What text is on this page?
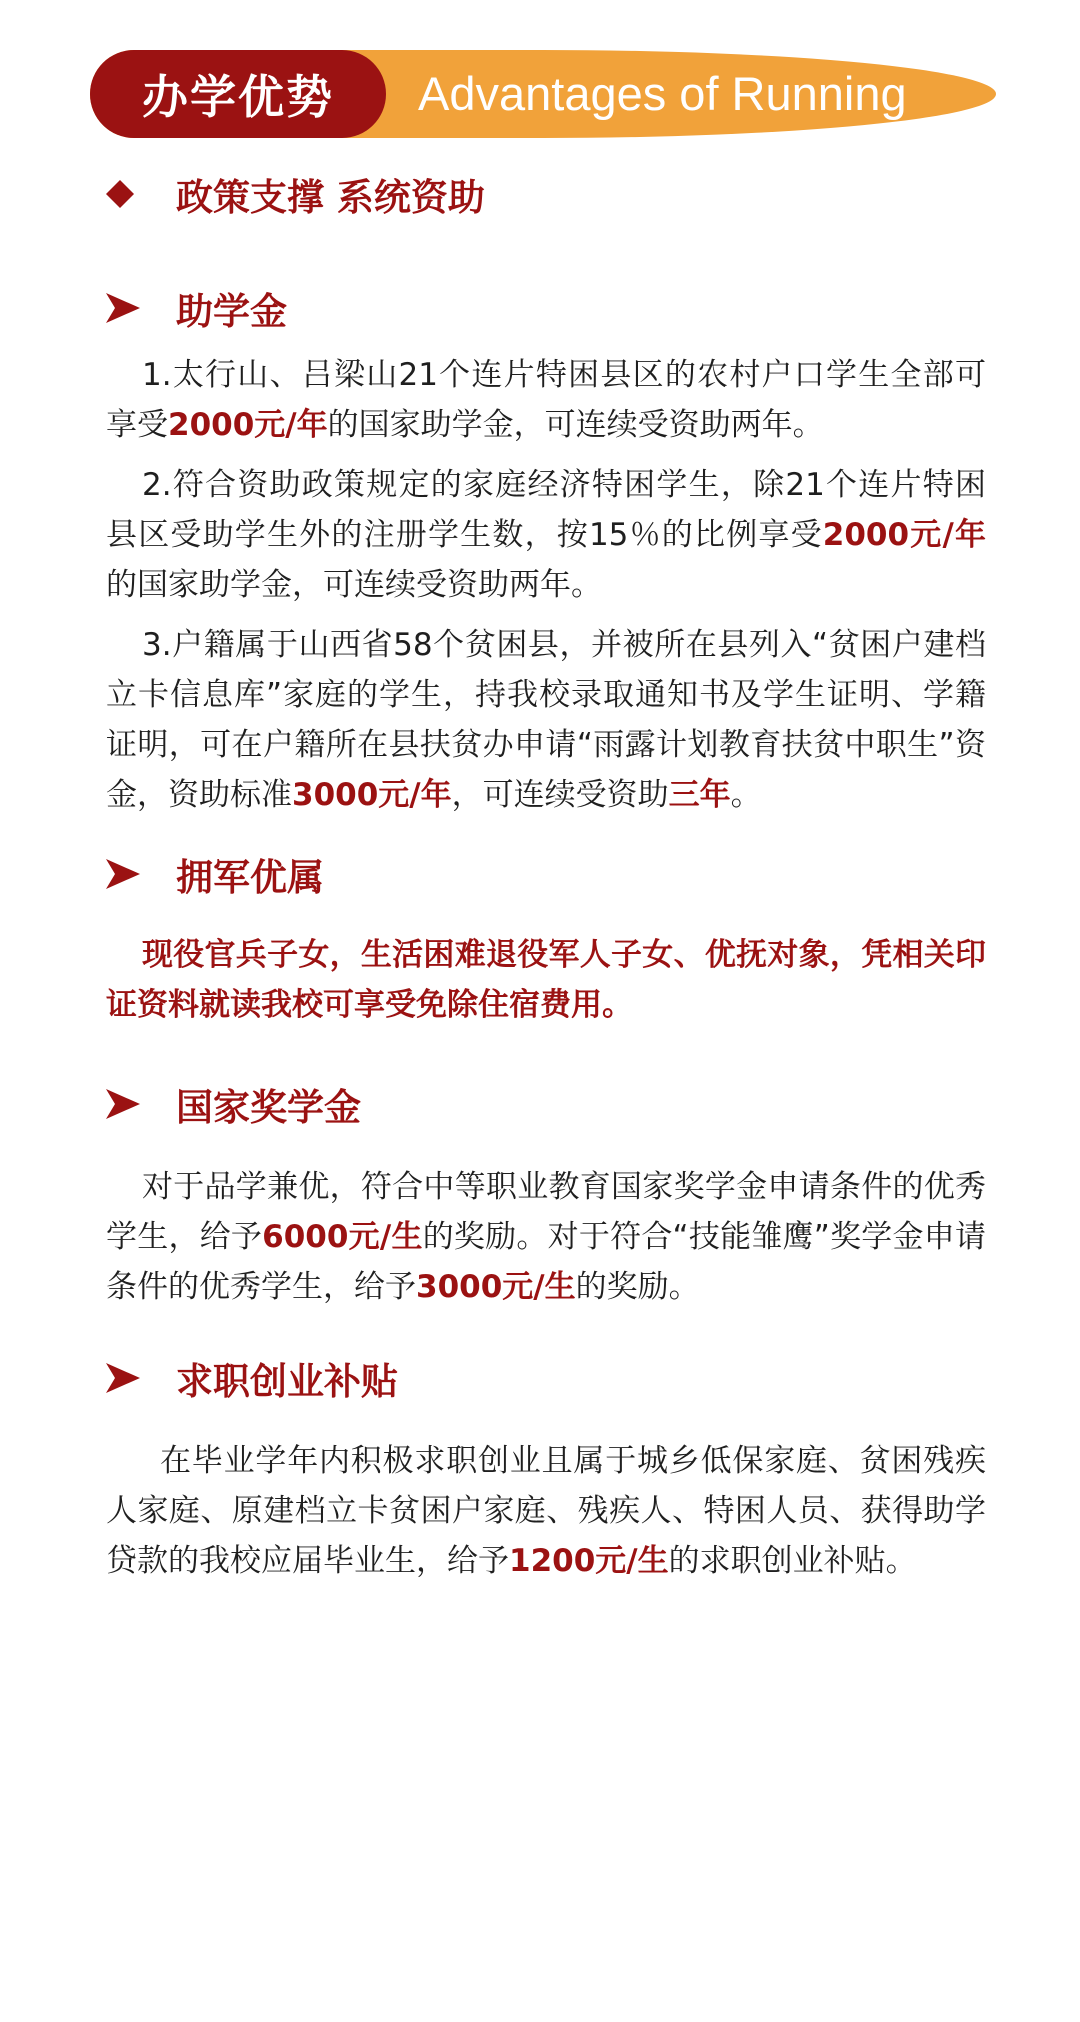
办学优势 Advantages of Running
政策支撑 系统资助
助学金

1.太行山、吕梁山21个连片特困县区的农村户口学生全部可享受2000元/年的国家助学金，可连续受资助两年。

2.符合资助政策规定的家庭经济特困学生，除21个连片特困县区受助学生外的注册学生数，按15％的比例享受2000元/年的国家助学金，可连续受资助两年。

3.户籍属于山西省58个贫困县，并被所在县列入“贫困户建档立卡信息库”家庭的学生，持我校录取通知书及学生证明、学籍证明，可在户籍所在县扶贫办申请“雨露计划教育扶贫中职生”资金，资助标准3000元/年，可连续受资助三年。

拥军优属

现役官兵子女，生活困难退役军人子女、优抚对象，凭相关印证资料就读我校可享受免除住宿费用。

国家奖学金

对于品学兼优，符合中等职业教育国家奖学金申请条件的优秀学生，给予6000元/生的奖励。对于符合“技能雏鹰”奖学金申请条件的优秀学生，给予3000元/生的奖励。

求职创业补贴

在毕业学年内积极求职创业且属于城乡低保家庭、贫困残疾人家庭、原建档立卡贫困户家庭、残疾人、特困人员、获得助学贷款的我校应届毕业生，给予1200元/生的求职创业补贴。
